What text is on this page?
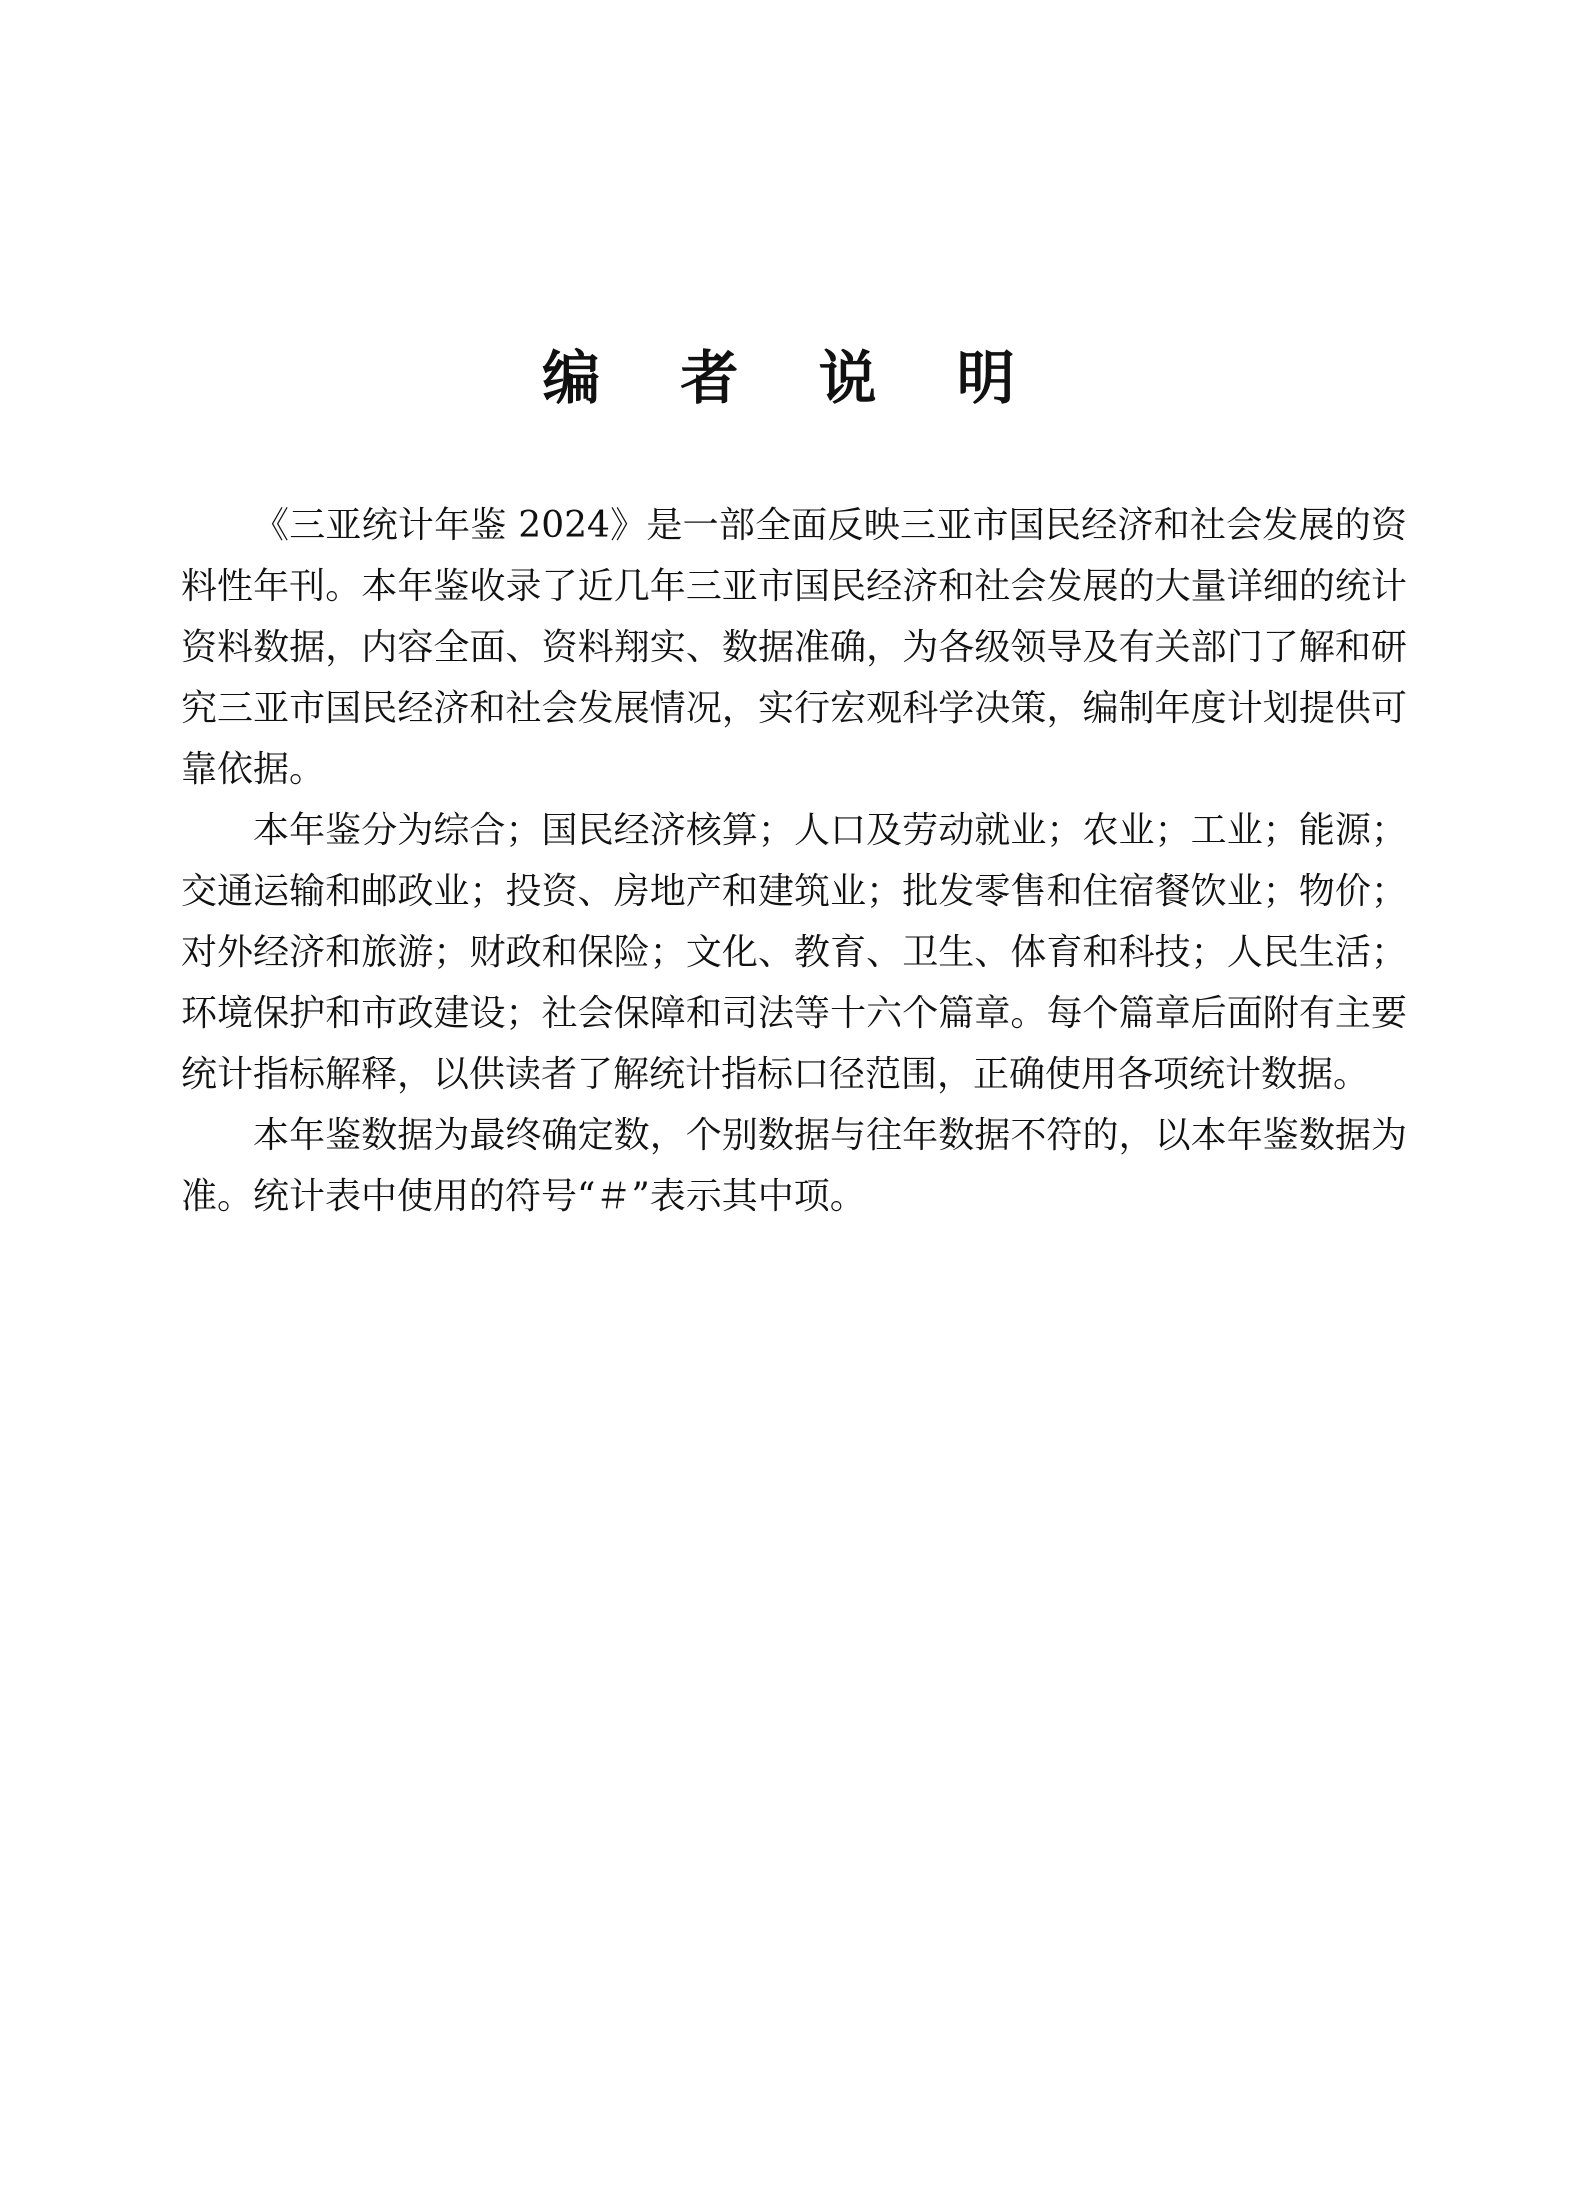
编 者 说 明

《三亚统计年鉴 2024》是一部全面反映三亚市国民经济和社会发展的资料性年刊。本年鉴收录了近几年三亚市国民经济和社会发展的大量详细的统计资料数据，内容全面、资料翔实、数据准确，为各级领导及有关部门了解和研究三亚市国民经济和社会发展情况，实行宏观科学决策，编制年度计划提供可靠依据。

本年鉴分为综合；国民经济核算；人口及劳动就业；农业；工业；能源；交通运输和邮政业；投资、房地产和建筑业；批发零售和住宿餐饮业；物价；对外经济和旅游；财政和保险；文化、教育、卫生、体育和科技；人民生活；环境保护和市政建设；社会保障和司法等十六个篇章。每个篇章后面附有主要统计指标解释，以供读者了解统计指标口径范围，正确使用各项统计数据。

本年鉴数据为最终确定数，个别数据与往年数据不符的，以本年鉴数据为准。统计表中使用的符号“＃”表示其中项。
